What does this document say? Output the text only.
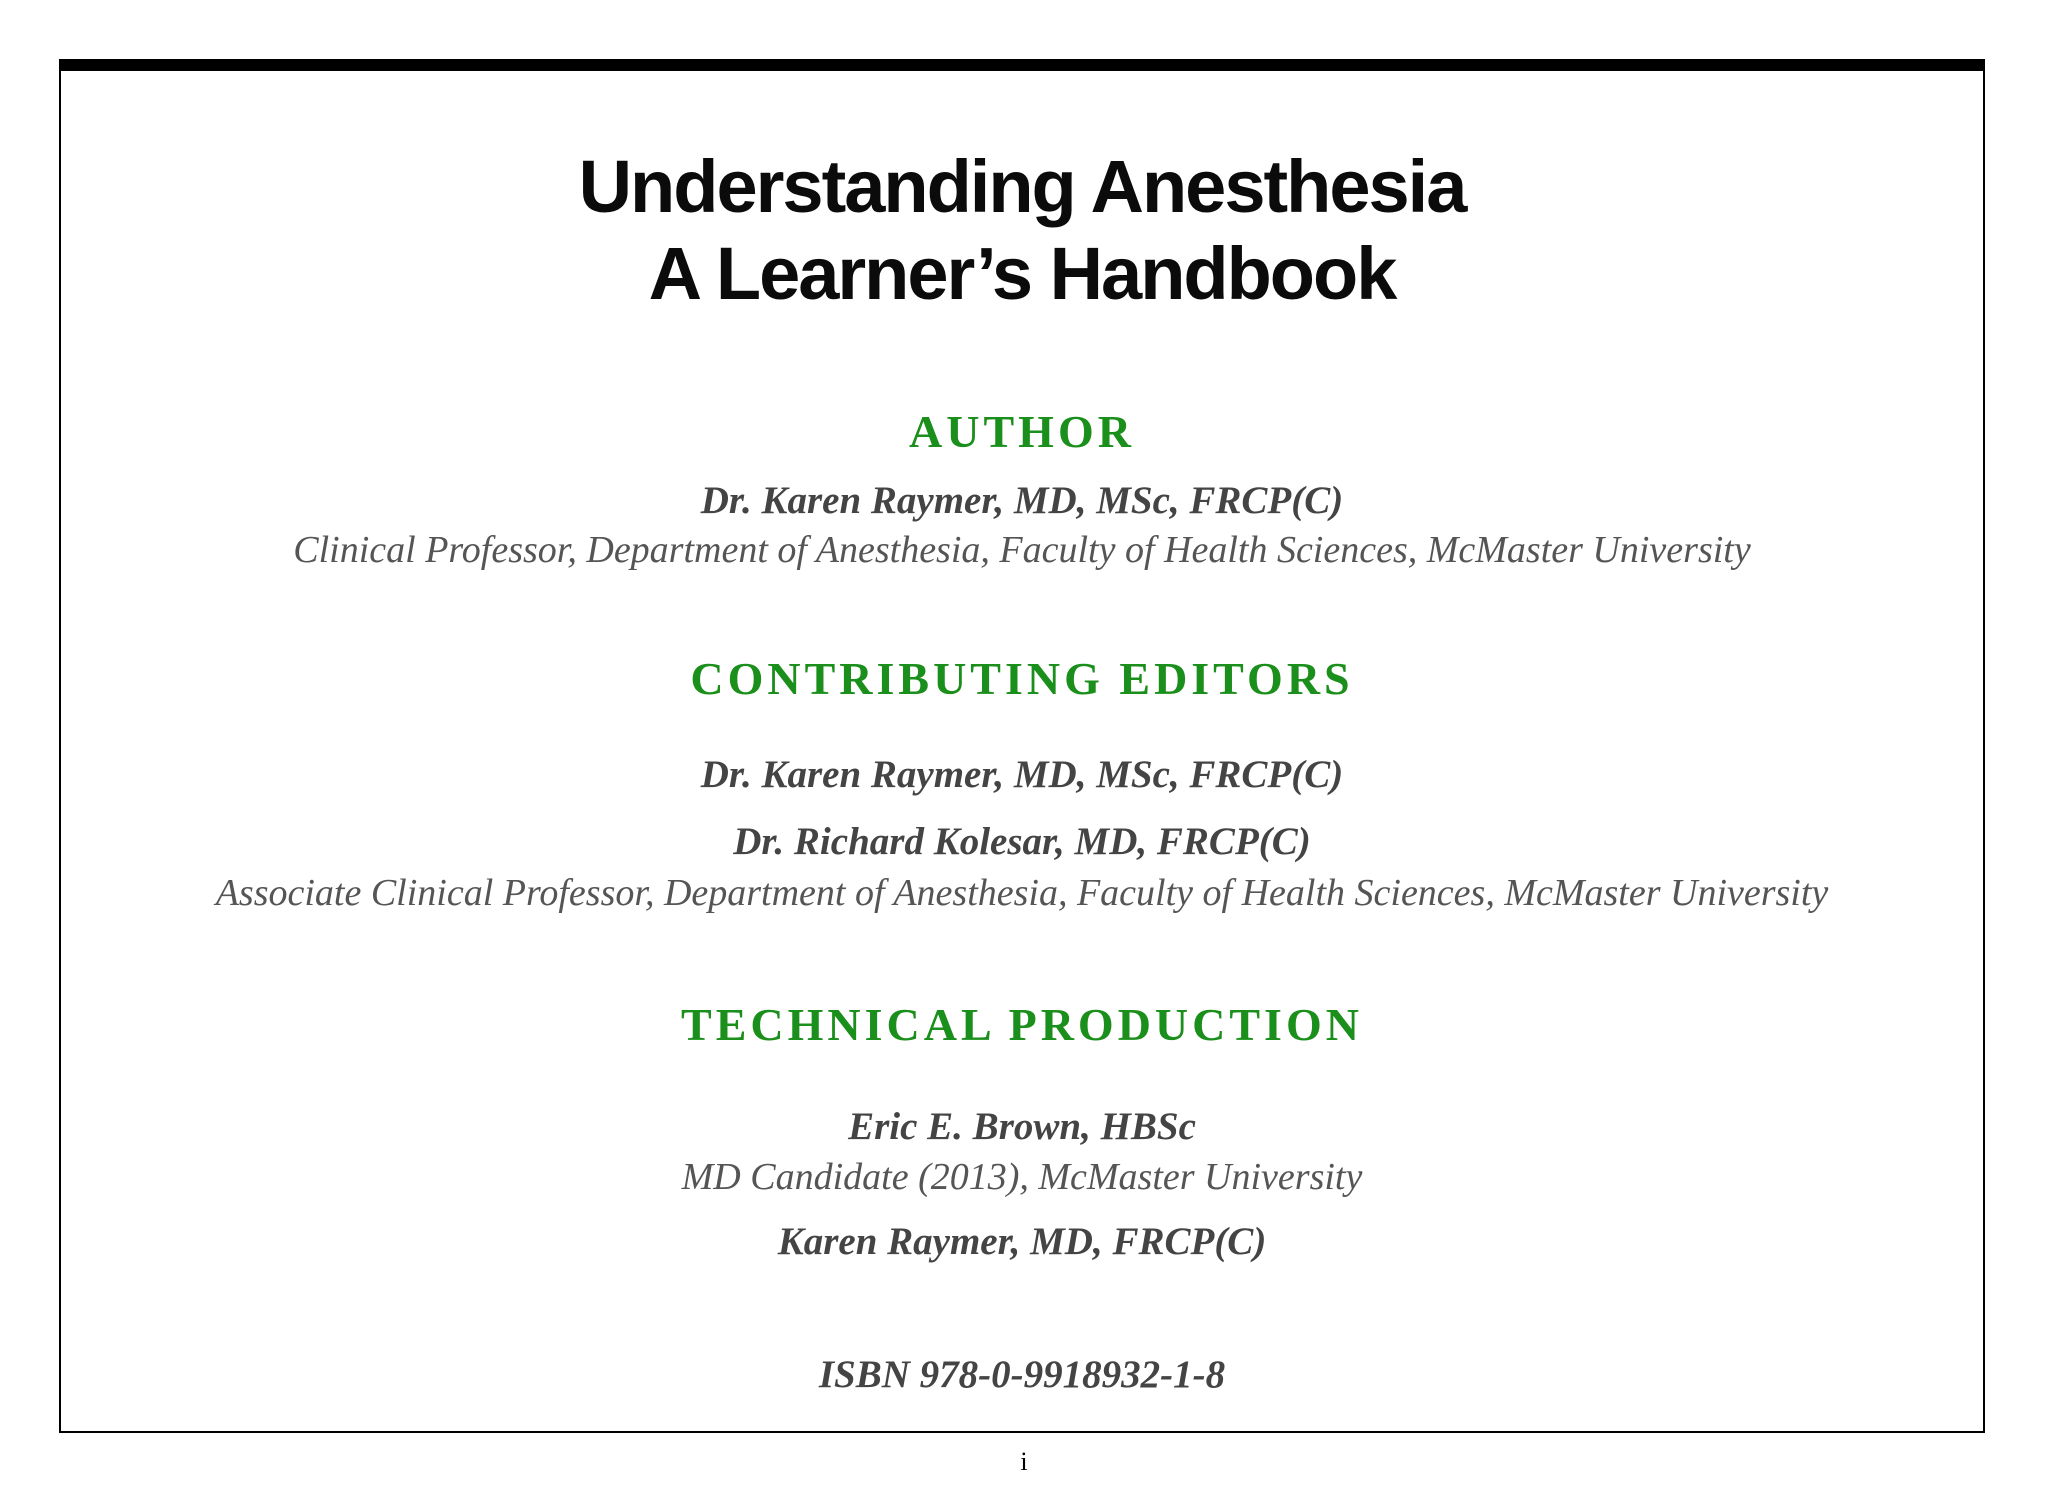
Understanding Anesthesia
A Learner’s Handbook
AUTHOR
Dr. Karen Raymer, MD, MSc, FRCP(C)
Clinical Professor, Department of Anesthesia, Faculty of Health Sciences, McMaster University
CONTRIBUTING EDITORS
Dr. Karen Raymer, MD, MSc, FRCP(C)
Dr. Richard Kolesar, MD, FRCP(C)
Associate Clinical Professor, Department of Anesthesia, Faculty of Health Sciences, McMaster University
TECHNICAL PRODUCTION
Eric E. Brown, HBSc
MD Candidate (2013), McMaster University
Karen Raymer, MD, FRCP(C)
ISBN 978-0-9918932-1-8
i
